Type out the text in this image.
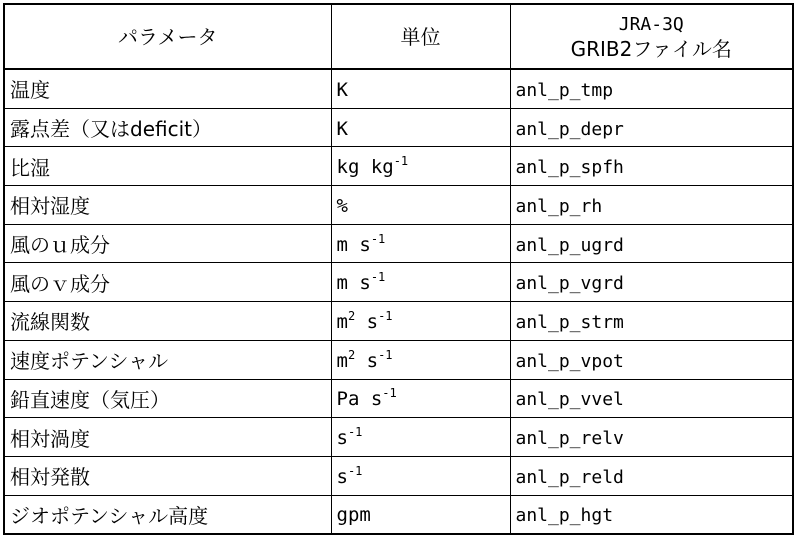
パラメータ	単位	JRA-3Q
GRIB2ファイル名

温度	K	anl_p_tmp
露点差（又はdeficit）	K	anl_p_depr
比湿	kg $kg^{-1}$	anl_p_spfh
相対湿度	%	anl_p_rh
風のｕ成分	m $s^{-1}$	anl_p_ugrd
風のｖ成分	m $s^{-1}$	anl_p_vgrd
流線関数	$m^2$ $s^{-1}$	anl_p_strm
速度ポテンシャル	$m^2$ $s^{-1}$	anl_p_vpot
鉛直速度（気圧）	Pa $s^{-1}$	anl_p_vvel
相対渦度	$s^{-1}$	anl_p_relv
相対発散	$s^{-1}$	anl_p_reld
ジオポテンシャル高度	gpm	anl_p_hgt
